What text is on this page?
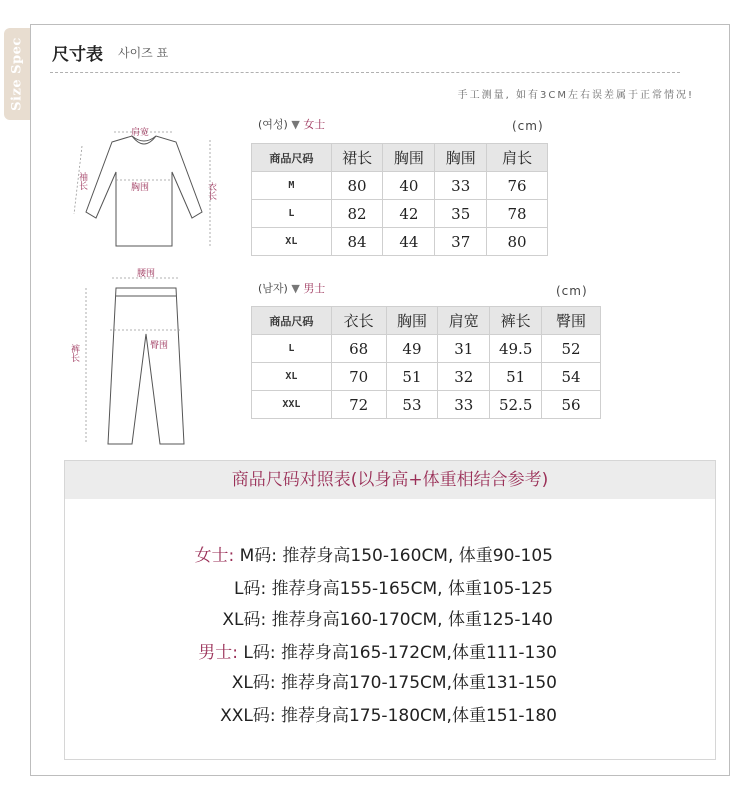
Size Spec 尺寸表 사이즈 표
手工测量, 如有3CM左右误差属于正常情况!
肩宽
胸围	衣长
袖长
腰围
臀围
裤长
(여성) ▼ 女士	(cm)
商品尺码	裙长	胸围	胸围	肩长
M	80	40	33	76
L	82	42	35	78
XL	84	44	37	80
(남자) ▼ 男士	(cm)
商品尺码	衣长	胸围	肩宽	裤长	臀围
L	68	49	31	49.5	52
XL	70	51	32	51	54
XXL	72	53	33	52.5	56
商品尺码对照表(以身高+体重相结合参考)
女士: M码: 推荐身高150-160CM, 体重90-105
L码: 推荐身高155-165CM, 体重105-125
XL码: 推荐身高160-170CM, 体重125-140
男士: L码: 推荐身高165-172CM,体重111-130
XL码: 推荐身高170-175CM,体重131-150
XXL码: 推荐身高175-180CM,体重151-180
